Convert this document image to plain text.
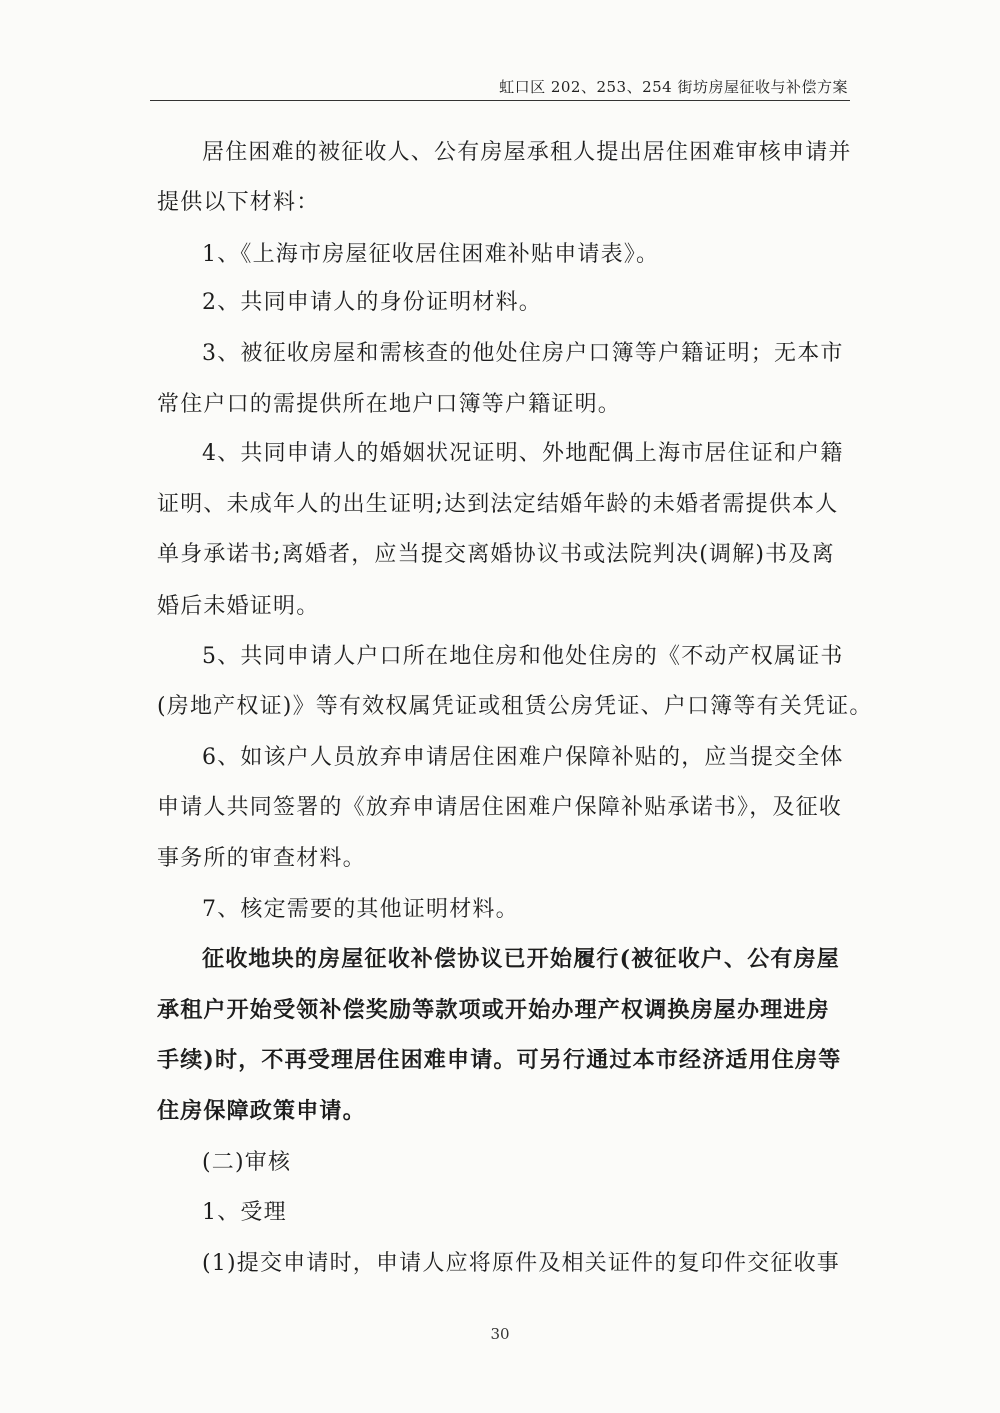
虹口区 202、253、254 街坊房屋征收与补偿方案
居住困难的被征收人、公有房屋承租人提出居住困难审核申请并
提供以下材料：
1、《上海市房屋征收居住困难补贴申请表》。
2、共同申请人的身份证明材料。
3、被征收房屋和需核查的他处住房户口簿等户籍证明；无本市
常住户口的需提供所在地户口簿等户籍证明。
4、共同申请人的婚姻状况证明、外地配偶上海市居住证和户籍
证明、未成年人的出生证明;达到法定结婚年龄的未婚者需提供本人
单身承诺书;离婚者，应当提交离婚协议书或法院判决(调解)书及离
婚后未婚证明。
5、共同申请人户口所在地住房和他处住房的《不动产权属证书
(房地产权证)》等有效权属凭证或租赁公房凭证、户口簿等有关凭证。
6、如该户人员放弃申请居住困难户保障补贴的，应当提交全体
申请人共同签署的《放弃申请居住困难户保障补贴承诺书》，及征收
事务所的审查材料。
7、核定需要的其他证明材料。
征收地块的房屋征收补偿协议已开始履行(被征收户、公有房屋
承租户开始受领补偿奖励等款项或开始办理产权调换房屋办理进房
手续)时，不再受理居住困难申请。可另行通过本市经济适用住房等
住房保障政策申请。
(二)审核
1、受理
(1)提交申请时，申请人应将原件及相关证件的复印件交征收事
30
